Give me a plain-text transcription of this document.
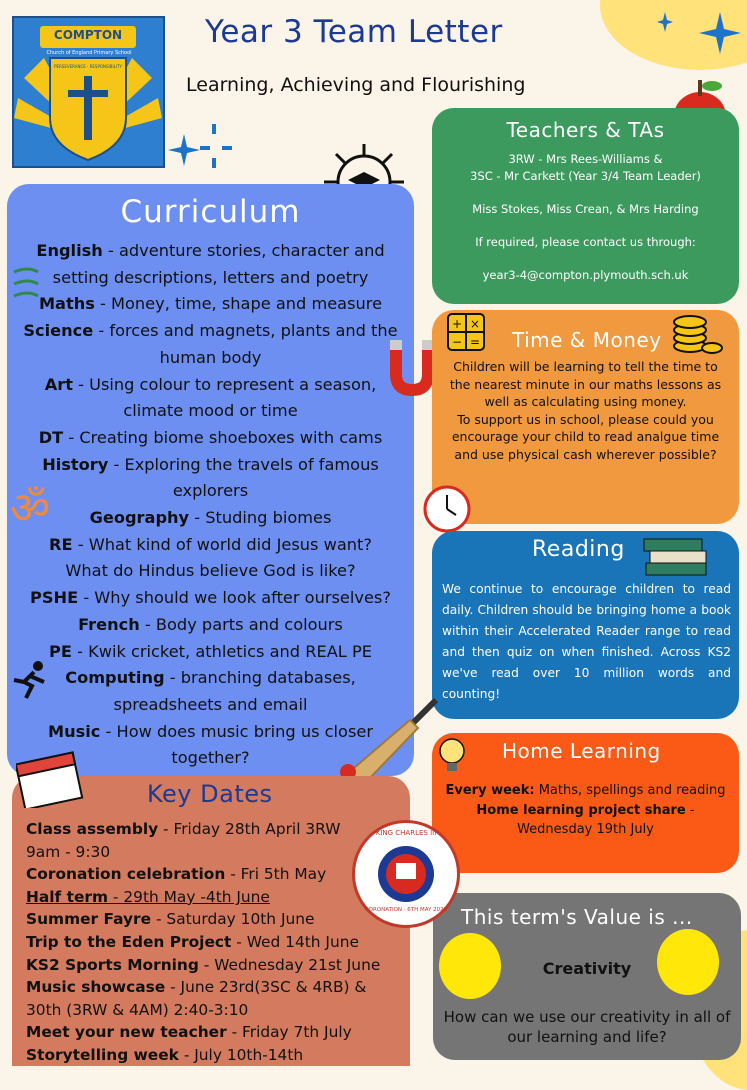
COMPTON
Church of England Primary School
PERSEVERANCE · RESPONSIBILITY
Year 3 Team Letter
Learning, Achieving and Flourishing
Curriculum
English - adventure stories, character and
setting descriptions, letters and poetry
Maths - Money, time, shape and measure
Science - forces and magnets, plants and the
human body
Art - Using colour to represent a season,
climate mood or time
DT - Creating biome shoeboxes with cams
History - Exploring the travels of famous
explorers
Geography - Studing biomes
RE - What kind of world did Jesus want?
What do Hindus believe God is like?
PSHE - Why should we look after ourselves?
French - Body parts and colours
PE - Kwik cricket, athletics and REAL PE
Computing - branching databases,
spreadsheets and email
Music - How does music bring us closer
together?
ॐ
Teachers & TAs
3RW - Mrs Rees-Williams &
3SC - Mr Carkett (Year 3/4 Team Leader)
Miss Stokes, Miss Crean, & Mrs Harding
If required, please contact us through:
year3-4@compton.plymouth.sch.uk
+ ×
− = Time & Money
Children will be learning to tell the time to the nearest minute in our maths lessons as well as calculating using money.
To support us in school, please could you encourage your child to read analgue time and use physical cash wherever possible?
Reading
We continue to encourage children to read daily. Children should be bringing home a book within their Accelerated Reader range to read and then quiz on when finished. Across KS2 we've read over 10 million words and counting!
Home Learning
Every week: Maths, spellings and reading
Home learning project share - Wednesday 19th July
This term's Value is ...
Creativity
How can we use our creativity in all of our learning and life?
Key Dates
Class assembly - Friday 28th April 3RW
9am - 9:30
Coronation celebration - Fri 5th May
Half term - 29th May -4th June
Summer Fayre - Saturday 10th June
Trip to the Eden Project - Wed 14th June
KS2 Sports Morning - Wednesday 21st June
Music showcase - June 23rd(3SC & 4RB) &
30th (3RW & 4AM) 2:40-3:10
Meet your new teacher - Friday 7th July
Storytelling week - July 10th-14th
KING CHARLES III
CORONATION · 6TH MAY 2023
